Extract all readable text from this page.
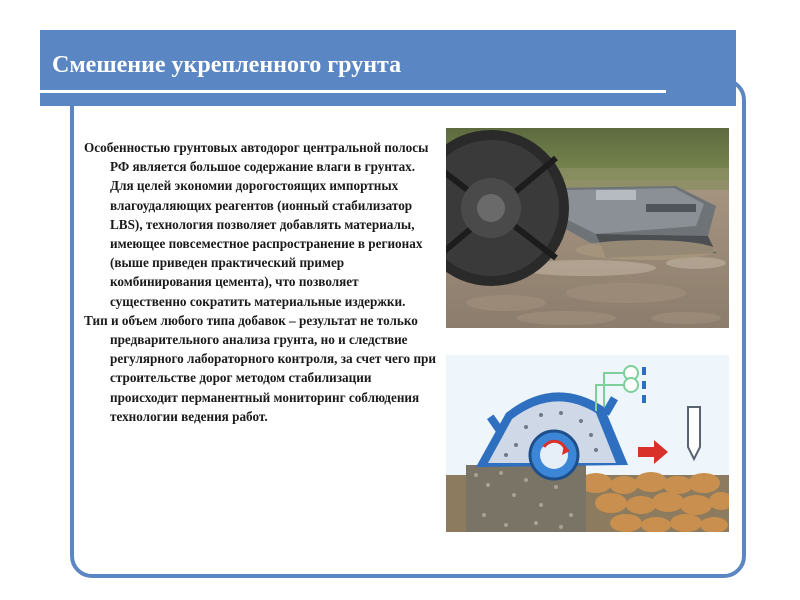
Смешение укрепленного грунта

Особенностью грунтовых автодорог центральной полосы РФ является большое содержание влаги в грунтах. Для целей экономии дорогостоящих импортных влагоудаляющих реагентов (ионный стабилизатор LBS), технология позволяет добавлять материалы, имеющее повсеместное распространение в регионах (выше приведен практический пример комбинирования цемента), что позволяет существенно сократить материальные издержки.

Тип и объем любого типа добавок – результат не только предварительного анализа грунта, но и следствие регулярного лабораторного контроля, за счет чего при строительстве дорог методом стабилизации происходит перманентный мониторинг соблюдения технологии ведения работ.
